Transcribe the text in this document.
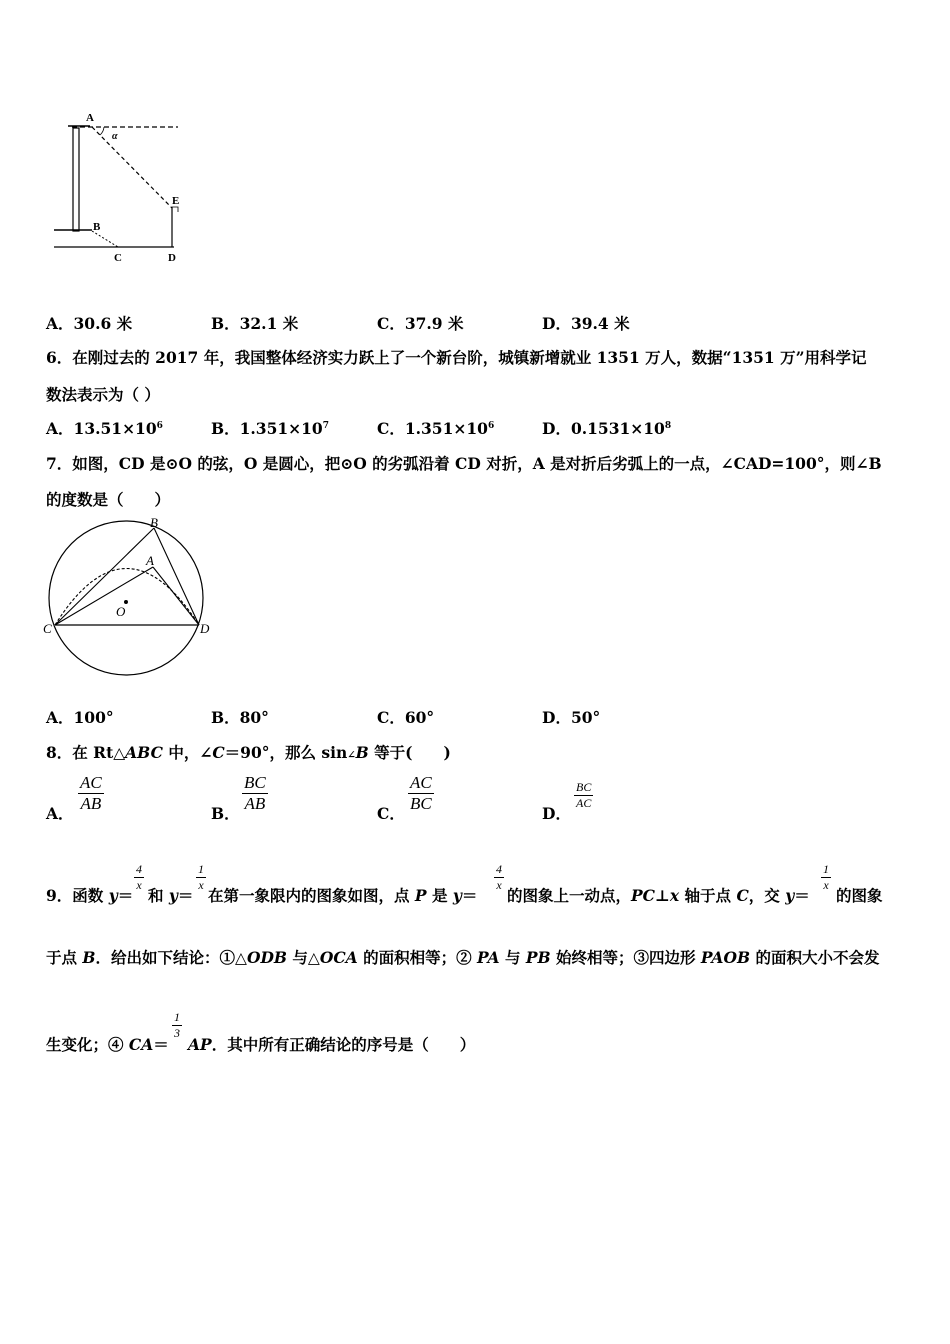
A
α
E
B
C	D
A．30.6 米	B．32.1 米	C．37.9 米	D．39.4 米
6．在刚过去的 2017 年，我国整体经济实力跃上了一个新台阶，城镇新增就业 1351 万人，数据“1351 万”用科学记
数法表示为（ ）
A．$13.51\times 10^6$	B．$1.351\times 10^7$	C．$1.351\times 10^6$	D．$0.1531\times 10^8$
7．如图，CD 是⊙O 的弦，O 是圆心，把⊙O 的劣弧沿着 CD 对折，A 是对折后劣弧上的一点，∠CAD=100°，则∠B
的度数是（　　）
B
A
O
C	D
A．100°	B．80°	C．60°	D．50°
8．在 Rt△ABC 中，∠C＝90°，那么 sin∠B 等于(　　)
A． $\frac{AC}{AB}$	B． $\frac{BC}{AB}$	C． $\frac{AC}{BC}$	D．
$\frac{BC}{AC}$
9．函数 y＝
$\frac{4}{x}$
和 y＝
$\frac{1}{x}$
在第一象限内的图象如图，点 P 是 y＝
$\frac{4}{x}$
的图象上一动点，PC⊥x 轴于点 C，交 y＝
$\frac{1}{x}$
的图象
于点 B．给出如下结论：①△ODB 与△OCA 的面积相等；② PA 与 PB 始终相等；③四边形 PAOB 的面积大小不会发
生变化；④ CA＝
$\frac{1}{3}$
AP．其中所有正确结论的序号是（　　）
